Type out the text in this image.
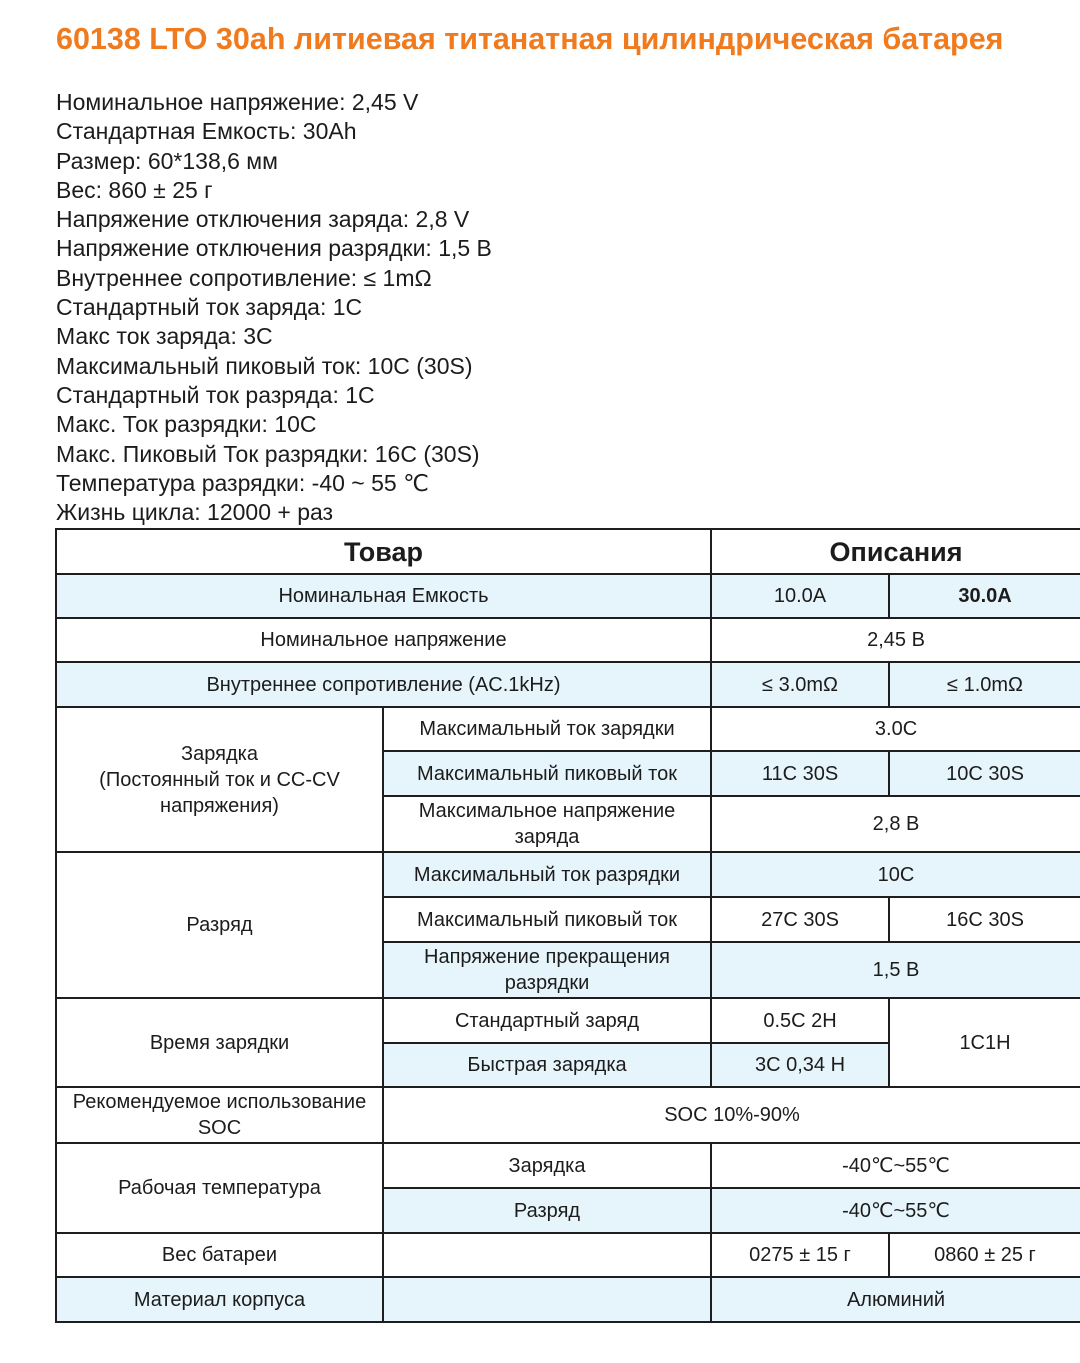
60138 LTO 30ah литиевая титанатная цилиндрическая батарея
Номинальное напряжение: 2,45 V
Стандартная Емкость: 30Ah
Размер: 60*138,6 мм
Вес: 860 ± 25 г
Напряжение отключения заряда: 2,8 V
Напряжение отключения разрядки: 1,5 В
Внутреннее сопротивление: ≤ 1mΩ
Стандартный ток заряда: 1C
Макс ток заряда: 3C
Максимальный пиковый ток: 10C (30S)
Стандартный ток разряда: 1C
Макс. Ток разрядки: 10C
Макс. Пиковый Ток разрядки: 16C (30S)
Температура разрядки: -40 ~ 55 ℃
Жизнь цикла: 12000 + раз
Товар		Описания	
Номинальная Емкость		10.0A	30.0A
Номинальное напряжение		2,45 В	
Внутреннее сопротивление (AC.1kHz)		≤ 3.0mΩ	≤ 1.0mΩ
Зарядка
(Постоянный ток и CC-CV напряжения)	Максимальный ток зарядки	3.0C	
	Максимальный пиковый ток	11C 30S	10C 30S
	Максимальное напряжение заряда	2,8 В	
Разряд	Максимальный ток разрядки	10C	
	Максимальный пиковый ток	27C 30S	16C 30S
	Напряжение прекращения разрядки	1,5 В	
Время зарядки	Стандартный заряд	0.5C 2H	1C1H
	Быстрая зарядка	3C 0,34 H	
Рекомендуемое использование SOC	SOC 10%-90%		
Рабочая температура	Зарядка	-40℃~55℃	
	Разряд	-40℃~55℃	
Вес батареи		0275 ± 15 г	0860 ± 25 г
Материал корпуса		Алюминий	
